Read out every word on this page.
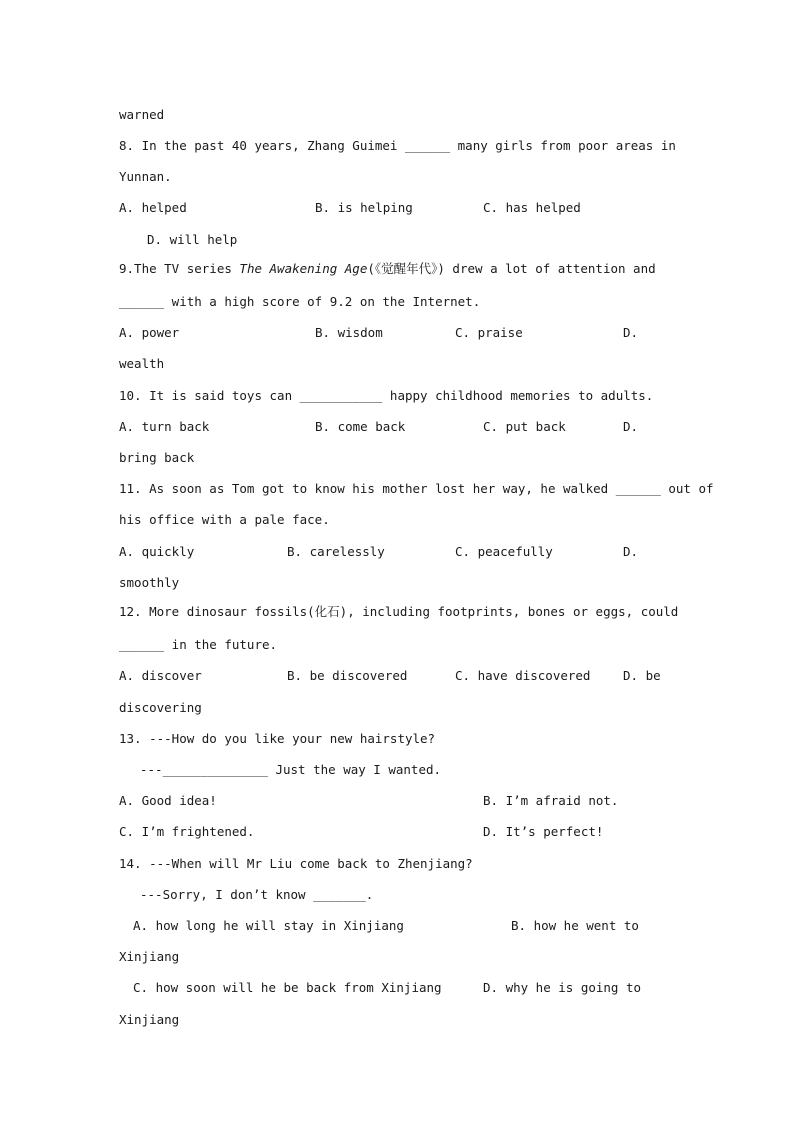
warned
8. In the past 40 years, Zhang Guimei ______ many girls from poor areas in
Yunnan.
A. helped	B. is helping	C. has helped
D. will help
9.The TV series The Awakening Age(《觉醒年代》) drew a lot of attention and
______ with a high score of 9.2 on the Internet.
A. power	B. wisdom	C. praise	D.
wealth
10. It is said toys can ___________ happy childhood memories to adults.
A. turn back	B. come back	C. put back	D.
bring back
11. As soon as Tom got to know his mother lost her way, he walked ______ out of
his office with a pale face.
A. quickly	B. carelessly	C. peacefully	D.
smoothly
12. More dinosaur fossils(化石), including footprints, bones or eggs, could
______ in the future.
A. discover	B. be discovered	C. have discovered	D. be
discovering
13. ---How do you like your new hairstyle?
---______________ Just the way I wanted.
A. Good idea!	B. I’m afraid not.
C. I’m frightened.	D. It’s perfect!
14. ---When will Mr Liu come back to Zhenjiang?
---Sorry, I don’t know _______.
A. how long he will stay in Xinjiang	B. how he went to
Xinjiang
C. how soon will he be back from Xinjiang	D. why he is going to
Xinjiang
